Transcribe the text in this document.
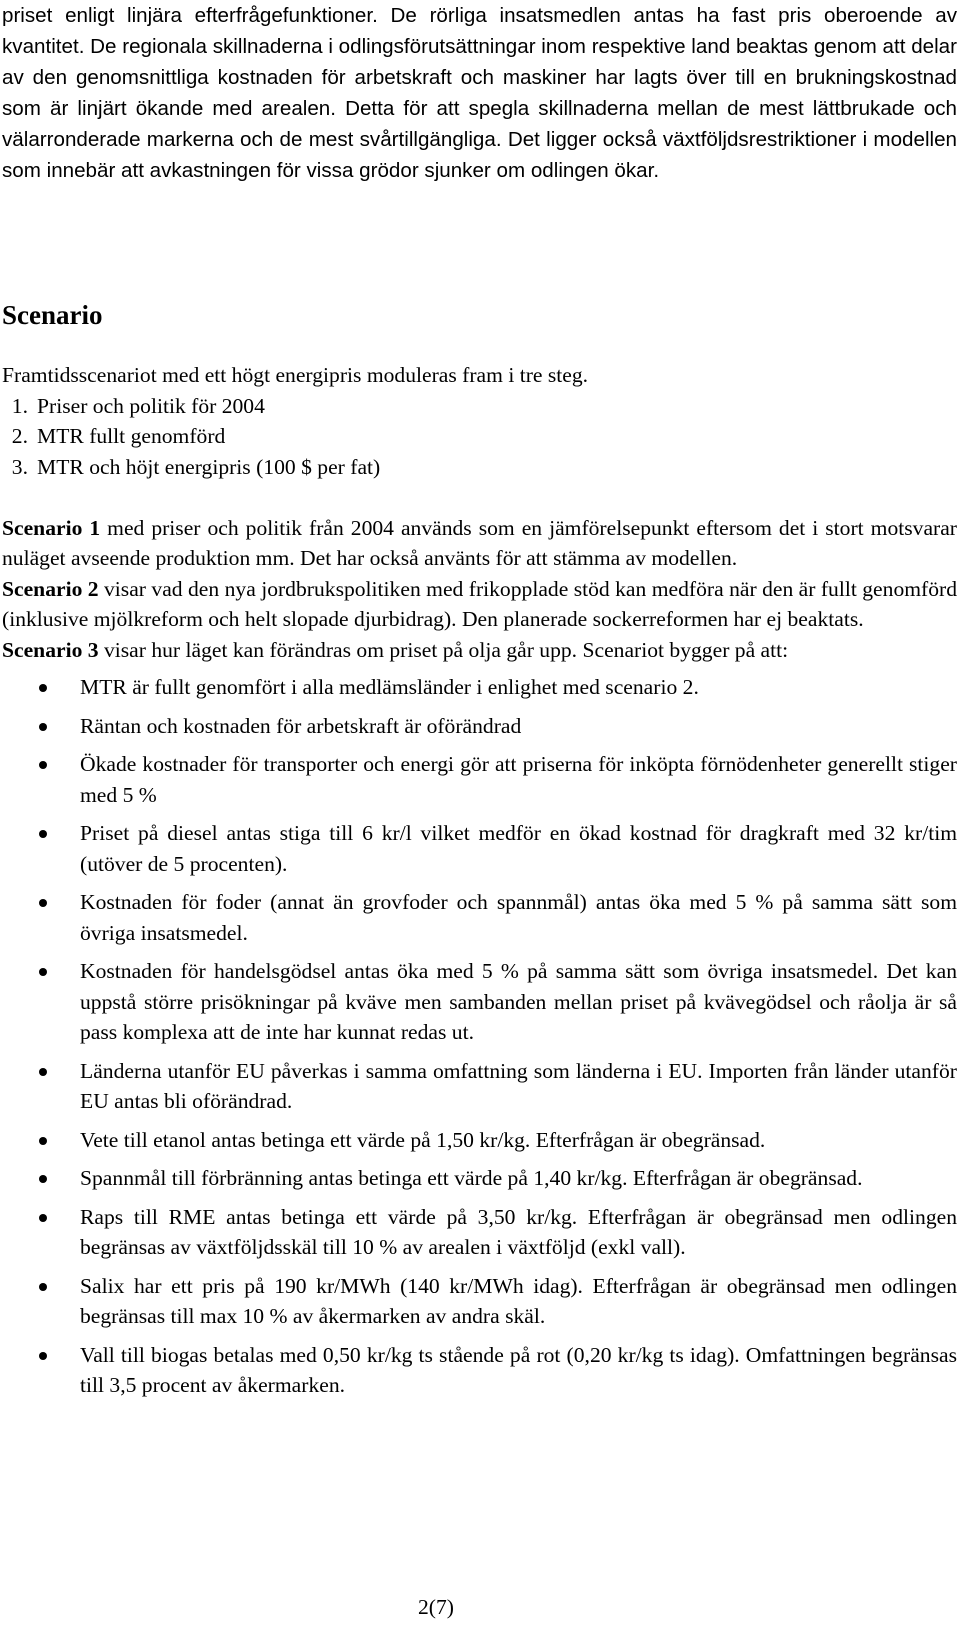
priset enligt linjära efterfrågefunktioner. De rörliga insatsmedlen antas ha fast pris oberoende av kvantitet. De regionala skillnaderna i odlingsförutsättningar inom respektive land beaktas genom att delar av den genomsnittliga kostnaden för arbetskraft och maskiner har lagts över till en brukningskostnad som är linjärt ökande med arealen. Detta för att spegla skillnaderna mellan de mest lättbrukade och välarronderade markerna och de mest svårtillgängliga. Det ligger också växtföljdsrestriktioner i modellen som innebär att avkastningen för vissa grödor sjunker om odlingen ökar.

Scenario

Framtidsscenariot med ett högt energipris moduleras fram i tre steg.

1. Priser och politik för 2004
2. MTR fullt genomförd
3. MTR och höjt energipris (100 $ per fat)

Scenario 1 med priser och politik från 2004 används som en jämförelsepunkt eftersom det i stort motsvarar nuläget avseende produktion mm. Det har också använts för att stämma av modellen.

Scenario 2 visar vad den nya jordbrukspolitiken med frikopplade stöd kan medföra när den är fullt genomförd (inklusive mjölkreform och helt slopade djurbidrag). Den planerade sockerreformen har ej beaktats.

Scenario 3 visar hur läget kan förändras om priset på olja går upp. Scenariot bygger på att:

MTR är fullt genomfört i alla medlämsländer i enlighet med scenario 2.
Räntan och kostnaden för arbetskraft är oförändrad
Ökade kostnader för transporter och energi gör att priserna för inköpta förnödenheter generellt stiger med 5 %
Priset på diesel antas stiga till 6 kr/l vilket medför en ökad kostnad för dragkraft med 32 kr/tim (utöver de 5 procenten).
Kostnaden för foder (annat än grovfoder och spannmål) antas öka med 5 % på samma sätt som övriga insatsmedel.
Kostnaden för handelsgödsel antas öka med 5 % på samma sätt som övriga insatsmedel. Det kan uppstå större prisökningar på kväve men sambanden mellan priset på kvävegödsel och råolja är så pass komplexa att de inte har kunnat redas ut.
Länderna utanför EU påverkas i samma omfattning som länderna i EU. Importen från länder utanför EU antas bli oförändrad.
Vete till etanol antas betinga ett värde på 1,50 kr/kg. Efterfrågan är obegränsad.
Spannmål till förbränning antas betinga ett värde på 1,40 kr/kg. Efterfrågan är obegränsad.
Raps till RME antas betinga ett värde på 3,50 kr/kg. Efterfrågan är obegränsad men odlingen begränsas av växtföljdsskäl till 10 % av arealen i växtföljd (exkl vall).
Salix har ett pris på 190 kr/MWh (140 kr/MWh idag). Efterfrågan är obegränsad men odlingen begränsas till max 10 % av åkermarken av andra skäl.
Vall till biogas betalas med 0,50 kr/kg ts stående på rot (0,20 kr/kg ts idag). Omfattningen begränsas till 3,5 procent av åkermarken.

2(7)
